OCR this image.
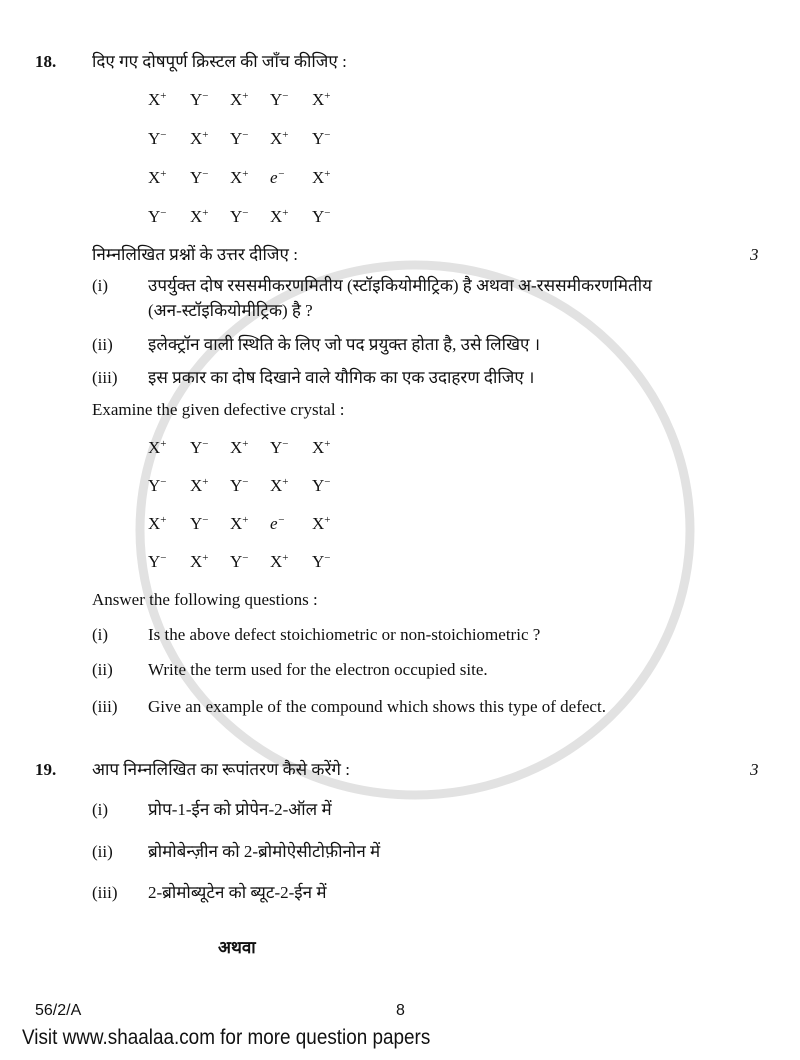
18. दिए गए दोषपूर्ण क्रिस्टल की जाँच कीजिए :
X+ Y− X+ Y− X+
Y− X+ Y− X+ Y−
X+ Y− X+ e− X+
Y− X+ Y− X+ Y−
निम्नलिखित प्रश्नों के उत्तर दीजिए :	3
(i) उपर्युक्त दोष रससमीकरणमितीय (स्टॉइकियोमीट्रिक) है अथवा अ-रससमीकरणमितीय
(अन-स्टॉइकियोमीट्रिक) है ?
(ii) इलेक्ट्रॉन वाली स्थिति के लिए जो पद प्रयुक्त होता है, उसे लिखिए ।
(iii) इस प्रकार का दोष दिखाने वाले यौगिक का एक उदाहरण दीजिए ।
Examine the given defective crystal :
X+ Y− X+ Y− X+
Y− X+ Y− X+ Y−
X+ Y− X+ e− X+
Y− X+ Y− X+ Y−
Answer the following questions :
(i) Is the above defect stoichiometric or non-stoichiometric ?
(ii) Write the term used for the electron occupied site.
(iii) Give an example of the compound which shows this type of defect.
19. आप निम्नलिखित का रूपांतरण कैसे करेंगे :	3
(i) प्रोप-1-ईन को प्रोपेन-2-ऑल में
(ii) ब्रोमोबेन्ज़ीन को 2-ब्रोमोऐसीटोफ़ीनोन में
(iii) 2-ब्रोमोब्यूटेन को ब्यूट-2-ईन में
अथवा
56/2/A	8
Visit www.shaalaa.com for more question papers
